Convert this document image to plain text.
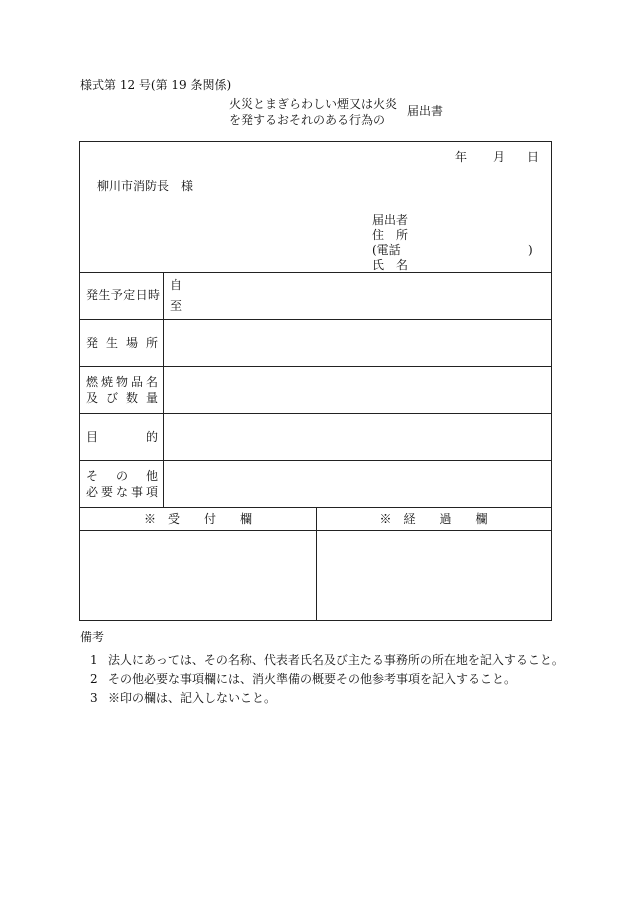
様式第 12 号(第 19 条関係)
火災とまぎらわしい煙又は火炎
を発するおそれのある行為の届出書
年 月 日
柳川市消防長　様
届出者
住　所
(電話	)
氏　名
発生予定日時
自
至
発生場所
燃焼物品名
及び数量
目的
その他
必要な事項
※　受　　付　　欄	※　経　　過　　欄
備考
1 法人にあっては、その名称、代表者氏名及び主たる事務所の所在地を記入すること。
2 その他必要な事項欄には、消火準備の概要その他参考事項を記入すること。
3 ※印の欄は、記入しないこと。
